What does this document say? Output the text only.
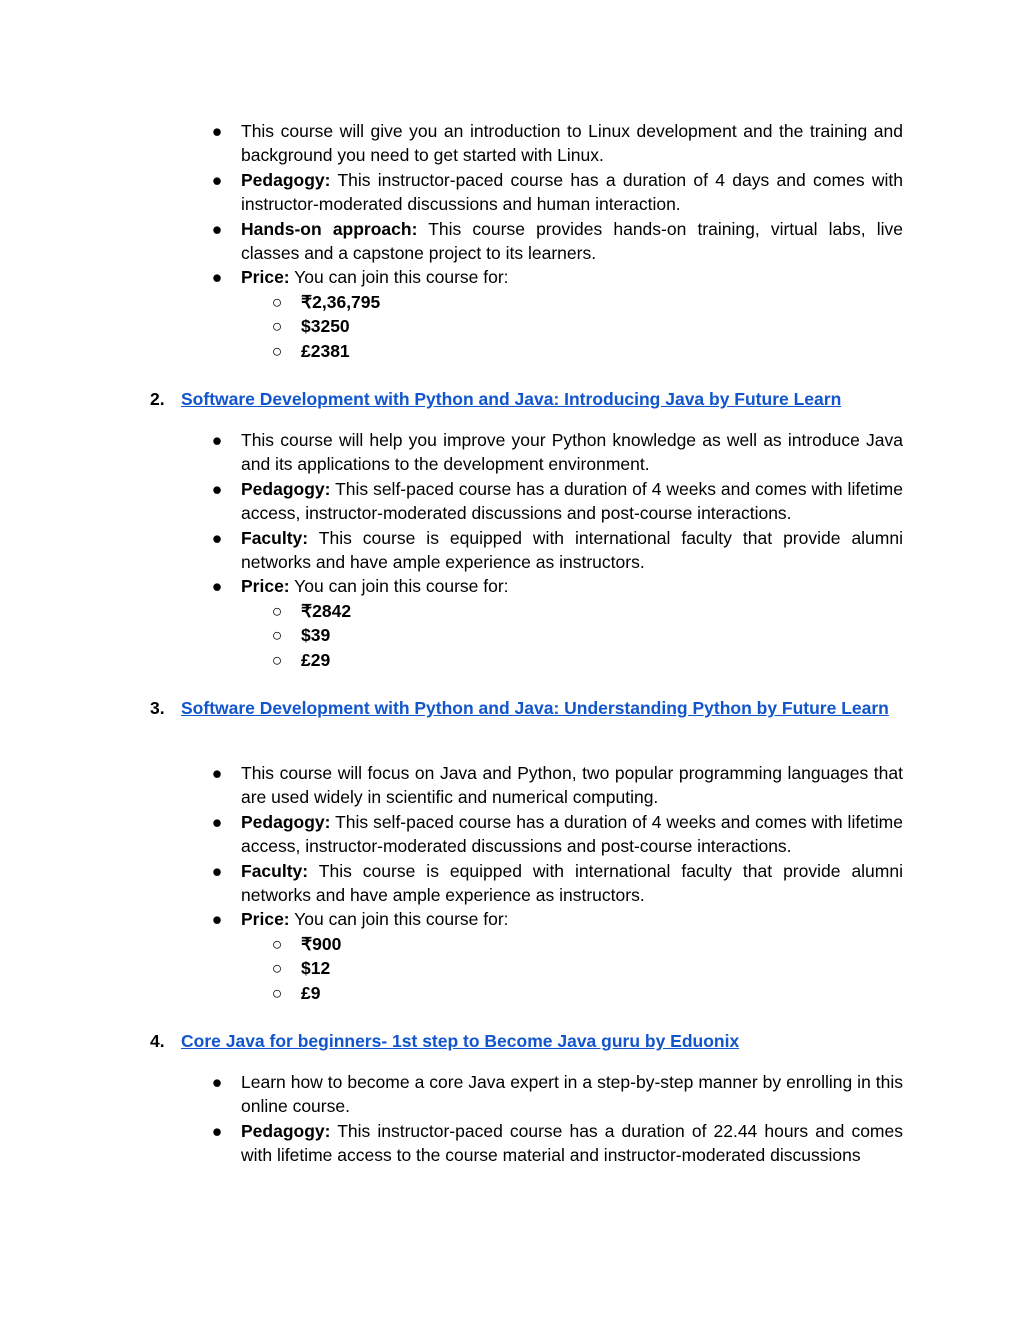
● This course will give you an introduction to Linux development and the training and background you need to get started with Linux.
● Pedagogy: This instructor-paced course has a duration of 4 days and comes with instructor-moderated discussions and human interaction.
● Hands-on approach: This course provides hands-on training, virtual labs, live classes and a capstone project to its learners.
● Price: You can join this course for:
○ ₹2,36,795
○ $3250
○ £2381
2. Software Development with Python and Java: Introducing Java by Future Learn
● This course will help you improve your Python knowledge as well as introduce Java and its applications to the development environment.
● Pedagogy: This self-paced course has a duration of 4 weeks and comes with lifetime access, instructor-moderated discussions and post-course interactions.
● Faculty: This course is equipped with international faculty that provide alumni networks and have ample experience as instructors.
● Price: You can join this course for:
○ ₹2842
○ $39
○ £29
3. Software Development with Python and Java: Understanding Python by Future Learn
● This course will focus on Java and Python, two popular programming languages that are used widely in scientific and numerical computing.
● Pedagogy: This self-paced course has a duration of 4 weeks and comes with lifetime access, instructor-moderated discussions and post-course interactions.
● Faculty: This course is equipped with international faculty that provide alumni networks and have ample experience as instructors.
● Price: You can join this course for:
○ ₹900
○ $12
○ £9
4. Core Java for beginners- 1st step to Become Java guru by Eduonix
● Learn how to become a core Java expert in a step-by-step manner by enrolling in this online course.
● Pedagogy: This instructor-paced course has a duration of 22.44 hours and comes with lifetime access to the course material and instructor-moderated discussions
